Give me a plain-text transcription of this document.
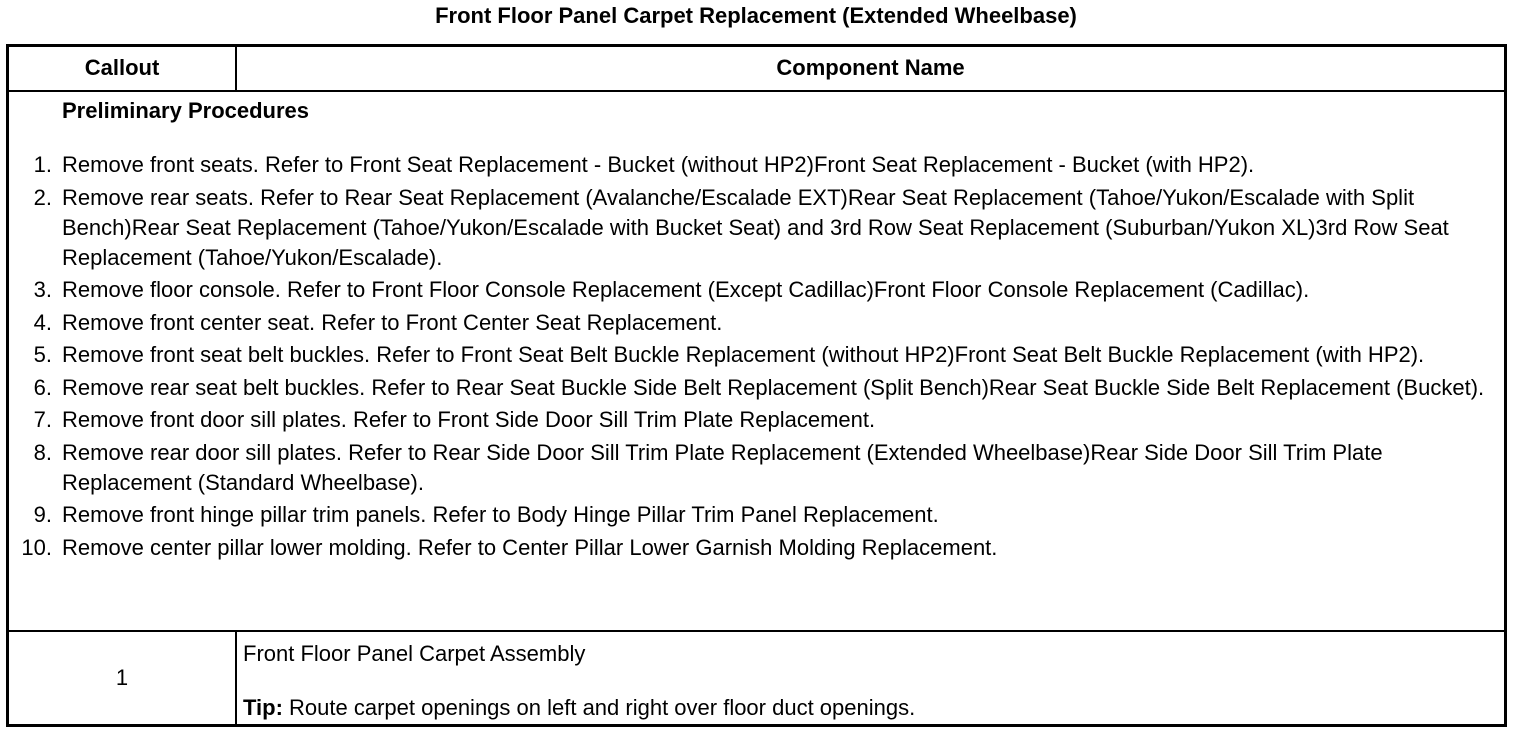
Front Floor Panel Carpet Replacement (Extended Wheelbase)
Callout	Component Name
Preliminary Procedures
1. Remove front seats. Refer to Front Seat Replacement - Bucket (without HP2)Front Seat Replacement - Bucket (with HP2).
2. Remove rear seats. Refer to Rear Seat Replacement (Avalanche/Escalade EXT)Rear Seat Replacement (Tahoe/Yukon/Escalade with Split Bench)Rear Seat Replacement (Tahoe/Yukon/Escalade with Bucket Seat) and 3rd Row Seat Replacement (Suburban/Yukon XL)3rd Row Seat Replacement (Tahoe/Yukon/Escalade).
3. Remove floor console. Refer to Front Floor Console Replacement (Except Cadillac)Front Floor Console Replacement (Cadillac).
4. Remove front center seat. Refer to Front Center Seat Replacement.
5. Remove front seat belt buckles. Refer to Front Seat Belt Buckle Replacement (without HP2)Front Seat Belt Buckle Replacement (with HP2).
6. Remove rear seat belt buckles. Refer to Rear Seat Buckle Side Belt Replacement (Split Bench)Rear Seat Buckle Side Belt Replacement (Bucket).
7. Remove front door sill plates. Refer to Front Side Door Sill Trim Plate Replacement.
8. Remove rear door sill plates. Refer to Rear Side Door Sill Trim Plate Replacement (Extended Wheelbase)Rear Side Door Sill Trim Plate Replacement (Standard Wheelbase).
9. Remove front hinge pillar trim panels. Refer to Body Hinge Pillar Trim Panel Replacement.
10. Remove center pillar lower molding. Refer to Center Pillar Lower Garnish Molding Replacement.
1
Front Floor Panel Carpet Assembly
Tip: Route carpet openings on left and right over floor duct openings.
